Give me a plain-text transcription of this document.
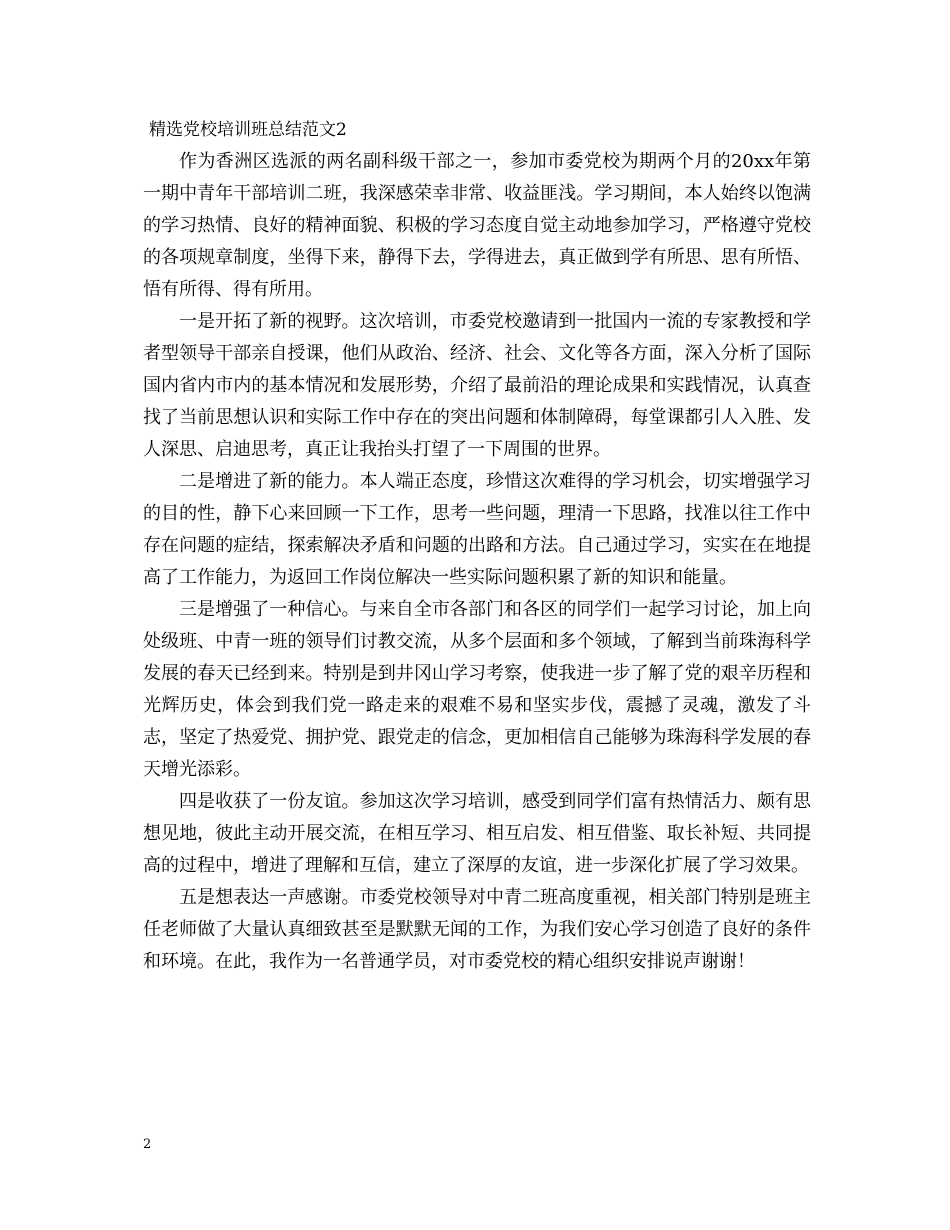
精选党校培训班总结范文2

作为香洲区选派的两名副科级干部之一，参加市委党校为期两个月的20xx年第一期中青年干部培训二班，我深感荣幸非常、收益匪浅。学习期间，本人始终以饱满的学习热情、良好的精神面貌、积极的学习态度自觉主动地参加学习，严格遵守党校的各项规章制度，坐得下来，静得下去，学得进去，真正做到学有所思、思有所悟、悟有所得、得有所用。

一是开拓了新的视野。这次培训，市委党校邀请到一批国内一流的专家教授和学者型领导干部亲自授课，他们从政治、经济、社会、文化等各方面，深入分析了国际国内省内市内的基本情况和发展形势，介绍了最前沿的理论成果和实践情况，认真查找了当前思想认识和实际工作中存在的突出问题和体制障碍，每堂课都引人入胜、发人深思、启迪思考，真正让我抬头打望了一下周围的世界。

二是增进了新的能力。本人端正态度，珍惜这次难得的学习机会，切实增强学习的目的性，静下心来回顾一下工作，思考一些问题，理清一下思路，找准以往工作中存在问题的症结，探索解决矛盾和问题的出路和方法。自己通过学习，实实在在地提高了工作能力，为返回工作岗位解决一些实际问题积累了新的知识和能量。

三是增强了一种信心。与来自全市各部门和各区的同学们一起学习讨论，加上向处级班、中青一班的领导们讨教交流，从多个层面和多个领域，了解到当前珠海科学发展的春天已经到来。特别是到井冈山学习考察，使我进一步了解了党的艰辛历程和光辉历史，体会到我们党一路走来的艰难不易和坚实步伐，震撼了灵魂，激发了斗志，坚定了热爱党、拥护党、跟党走的信念，更加相信自己能够为珠海科学发展的春天增光添彩。

四是收获了一份友谊。参加这次学习培训，感受到同学们富有热情活力、颇有思想见地，彼此主动开展交流，在相互学习、相互启发、相互借鉴、取长补短、共同提高的过程中，增进了理解和互信，建立了深厚的友谊，进一步深化扩展了学习效果。

五是想表达一声感谢。市委党校领导对中青二班高度重视，相关部门特别是班主任老师做了大量认真细致甚至是默默无闻的工作，为我们安心学习创造了良好的条件和环境。在此，我作为一名普通学员，对市委党校的精心组织安排说声谢谢！

2
